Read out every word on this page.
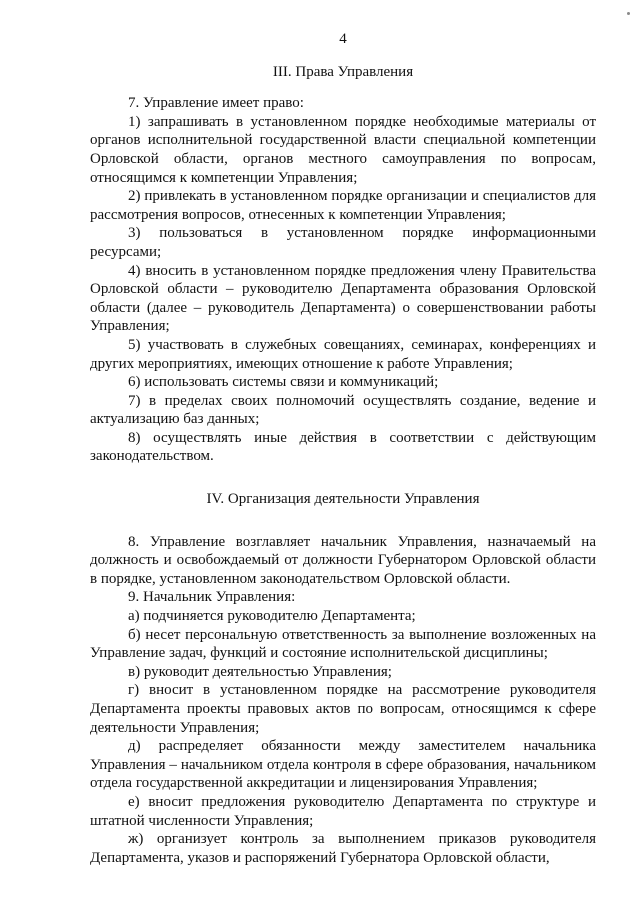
4
III. Права Управления

7. Управление имеет право:

1) запрашивать в установленном порядке необходимые материалы от органов исполнительной государственной власти специальной компетенции Орловской области, органов местного самоуправления по вопросам, относящимся к компетенции Управления;

2) привлекать в установленном порядке организации и специалистов для рассмотрения вопросов, отнесенных к компетенции Управления;

3) пользоваться в установленном порядке информационными ресурсами;

4) вносить в установленном порядке предложения члену Правительства Орловской области – руководителю Департамента образования Орловской области (далее – руководитель Департамента) о совершенствовании работы Управления;

5) участвовать в служебных совещаниях, семинарах, конференциях и других мероприятиях, имеющих отношение к работе Управления;

6) использовать системы связи и коммуникаций;

7) в пределах своих полномочий осуществлять создание, ведение и актуализацию баз данных;

8) осуществлять иные действия в соответствии с действующим законодательством.

IV. Организация деятельности Управления

8. Управление возглавляет начальник Управления, назначаемый на должность и освобождаемый от должности Губернатором Орловской области в порядке, установленном законодательством Орловской области.

9. Начальник Управления:

а) подчиняется руководителю Департамента;

б) несет персональную ответственность за выполнение возложенных на Управление задач, функций и состояние исполнительской дисциплины;

в) руководит деятельностью Управления;

г) вносит в установленном порядке на рассмотрение руководителя Департамента проекты правовых актов по вопросам, относящимся к сфере деятельности Управления;

д) распределяет обязанности между заместителем начальника Управления – начальником отдела контроля в сфере образования, начальником отдела государственной аккредитации и лицензирования Управления;

е) вносит предложения руководителю Департамента по структуре и штатной численности Управления;

ж) организует контроль за выполнением приказов руководителя Департамента, указов и распоряжений Губернатора Орловской области,
